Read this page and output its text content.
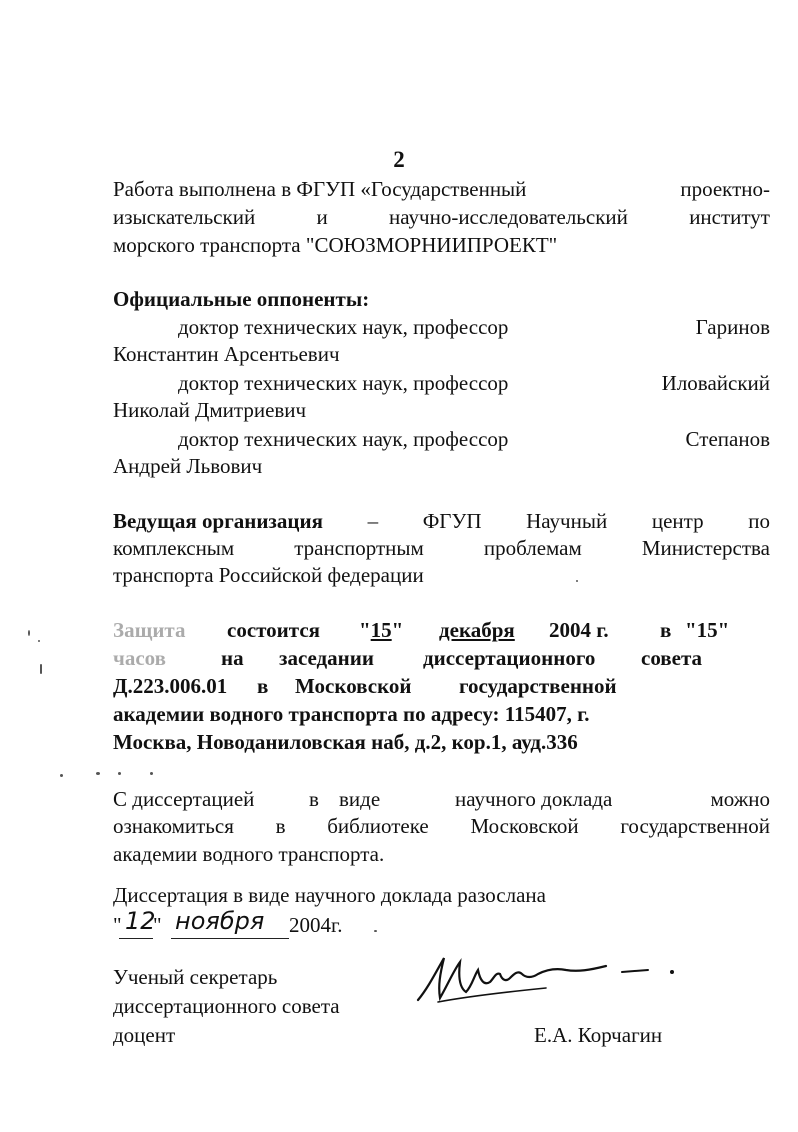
2
Работа выполнена в ФГУП «Государственный	проектно-
изыскательский	и	научно-исследовательский	институт
морского транспорта "СОЮЗМОРНИИПРОЕКТ"
Официальные оппоненты:
доктор технических наук, профессор	Гаринов
Константин Арсентьевич
доктор технических наук, профессор	Иловайский
Николай Дмитриевич
доктор технических наук, профессор	Степанов
Андрей Львович
Ведущая организация – ФГУП Научный центр по
комплексным	транспортным	проблемам	Министерства
транспорта Российской федерации
Защита состоится "15" декабря 2004 г. в "15"
часов	на заседании диссертационного совета
Д.223.006.01 в Московской государственной
академии водного транспорта по адресу: 115407, г.
Москва, Новоданиловская наб, д.2, кор.1, ауд.336
С диссертацией	в виде	научного доклада	можно
ознакомиться в библиотеке Московской государственной
академии водного транспорта.
Диссертация в виде научного доклада разослана
" 12
" ноября 2004г.
Ученый секретарь
диссертационного совета
доцент	Е.А. Корчагин
